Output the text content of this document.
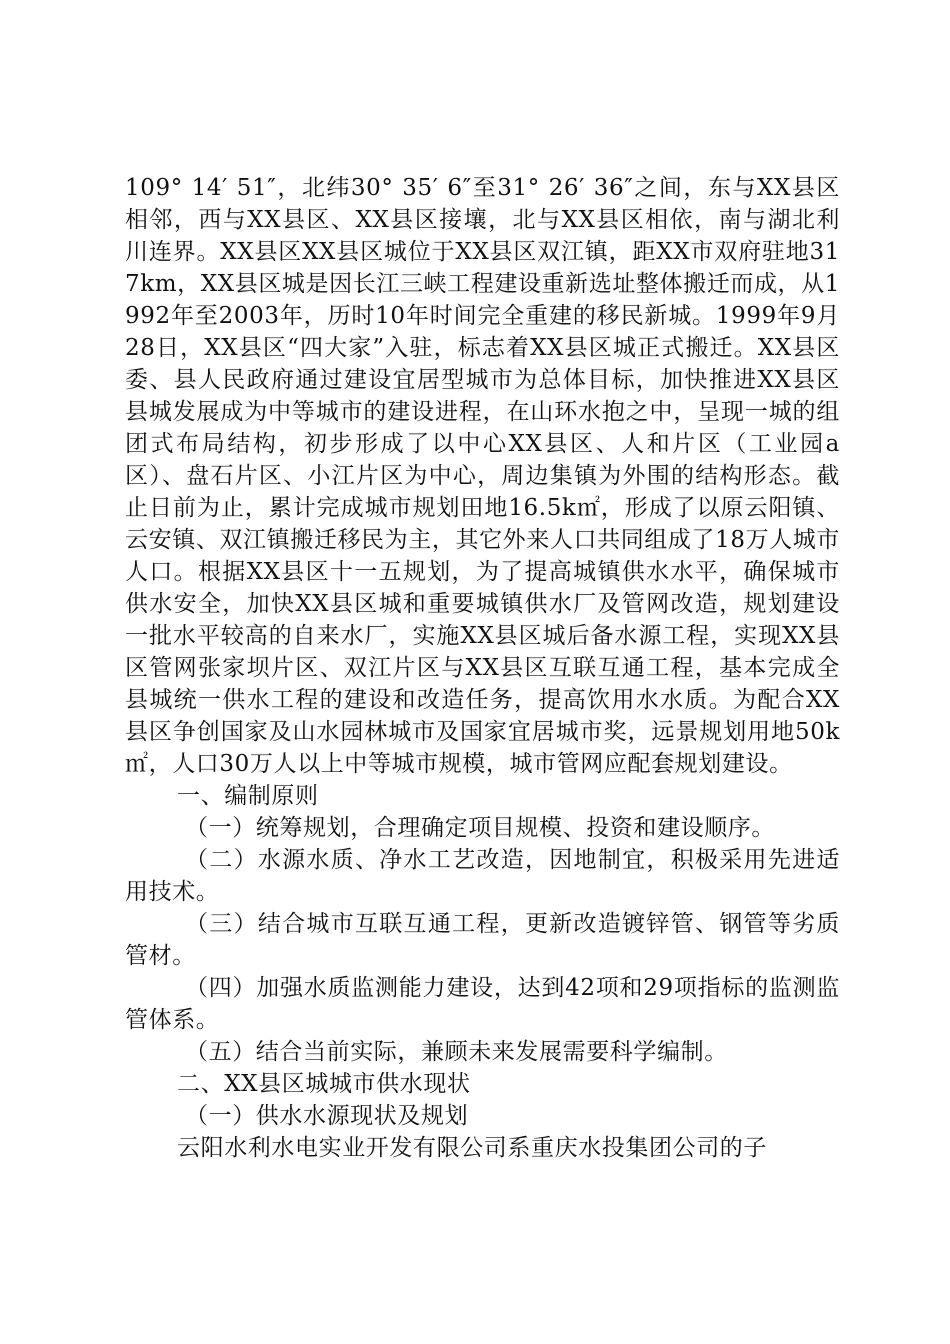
109° 14′ 51″，北纬30° 35′ 6″至31° 26′ 36″之间，东与XX县区相邻，西与XX县区、XX县区接壤，北与XX县区相依，南与湖北利川连界。XX县区XX县区城位于XX县区双江镇，距XX市双府驻地317km，XX县区城是因长江三峡工程建设重新选址整体搬迁而成，从1992年至2003年，历时10年时间完全重建的移民新城。1999年9月28日，XX县区“四大家”入驻，标志着XX县区城正式搬迁。XX县区委、县人民政府通过建设宜居型城市为总体目标，加快推进XX县区县城发展成为中等城市的建设进程，在山环水抱之中，呈现一城的组团式布局结构，初步形成了以中心XX县区、人和片区（工业园a区）、盘石片区、小江片区为中心，周边集镇为外围的结构形态。截止日前为止，累计完成城市规划田地16.5k㎡，形成了以原云阳镇、云安镇、双江镇搬迁移民为主，其它外来人口共同组成了18万人城市人口。根据XX县区十一五规划，为了提高城镇供水水平，确保城市供水安全，加快XX县区城和重要城镇供水厂及管网改造，规划建设一批水平较高的自来水厂，实施XX县区城后备水源工程，实现XX县区管网张家坝片区、双江片区与XX县区互联互通工程，基本完成全县城统一供水工程的建设和改造任务，提高饮用水水质。为配合XX县区争创国家及山水园林城市及国家宜居城市奖，远景规划用地50k㎡，人口30万人以上中等城市规模，城市管网应配套规划建设。

一、编制原则

（一）统筹规划，合理确定项目规模、投资和建设顺序。

（二）水源水质、净水工艺改造，因地制宜，积极采用先进适用技术。

（三）结合城市互联互通工程，更新改造镀锌管、钢管等劣质管材。

（四）加强水质监测能力建设，达到42项和29项指标的监测监管体系。

（五）结合当前实际，兼顾未来发展需要科学编制。

二、XX县区城城市供水现状

（一）供水水源现状及规划

云阳水利水电实业开发有限公司系重庆水投集团公司的子
